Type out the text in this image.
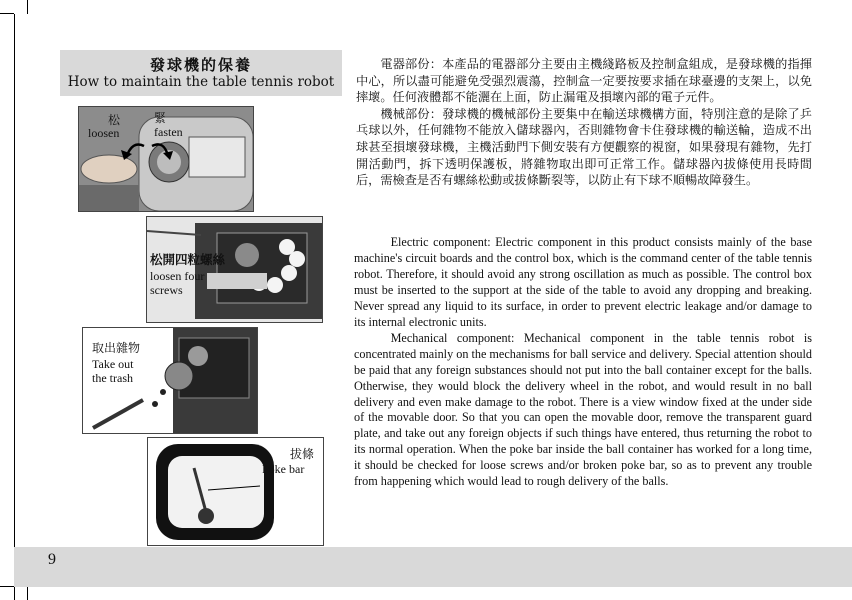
發球機的保養
How to maintain the table tennis robot
松
loosen
緊
fasten
松開四粒螺絲
loosen four
screws
取出雜物
Take out
the trash
拔條
Poke bar

電器部份：本產品的電器部分主要由主機綫路板及控制盒組成，是發球機的指揮中心，所以盡可能避免受强烈震蕩，控制盒一定要按要求插在球臺邊的支架上，以免摔壞。任何液體都不能灑在上面，防止漏電及損壞內部的電子元件。

機械部份：發球機的機械部份主要集中在輸送球機構方面，特別注意的是除了乒乓球以外，任何雜物不能放入儲球器內，否則雜物會卡住發球機的輸送輪，造成不出球甚至損壞發球機，主機活動門下側安裝有方便觀察的視窗，如果發現有雜物，先打開活動門，拆下透明保護板，將雜物取出即可正常工作。儲球器內拔條使用長時間后，需檢查是否有螺絲松動或拔條斷裂等，以防止有下球不順暢故障發生。

Electric component: Electric component in this product consists mainly of the base machine's circuit boards and the control box, which is the command center of the table tennis robot. Therefore, it should avoid any strong oscillation as much as possible. The control box must be inserted to the support at the side of the table to avoid any dropping and breaking. Never spread any liquid to its surface, in order to prevent electric leakage and/or damage to its internal electronic units.

Mechanical component: Mechanical component in the table tennis robot is concentrated mainly on the mechanisms for ball service and delivery. Special attention should be paid that any foreign substances should not put into the ball container except for the balls. Otherwise, they would block the delivery wheel in the robot, and would result in no ball delivery and even make damage to the robot. There is a view window fixed at the under side of the movable door. So that you can open the movable door, remove the transparent guard plate, and take out any foreign objects if such things have entered, thus returning the robot to its normal operation. When the poke bar inside the ball container has worked for a long time, it should be checked for loose screws and/or broken poke bar, so as to prevent any trouble from happening which would lead to rough delivery of the balls.

9
